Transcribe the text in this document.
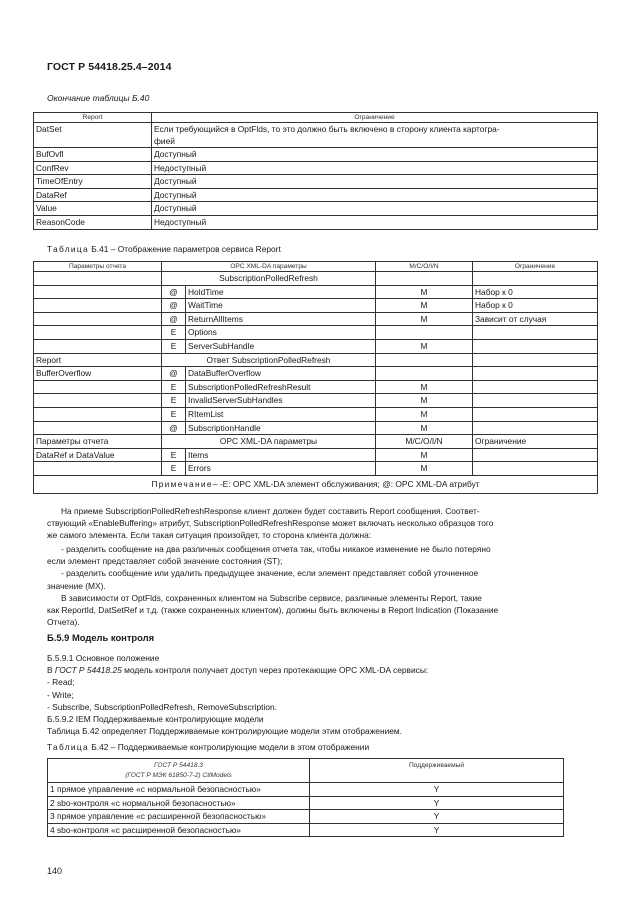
ГОСТ Р 54418.25.4–2014
Окончание таблицы Б.40
Report	Ограничение
DatSet	Если требующийся в OptFlds, то это должно быть включено в сторону клиента картогра-
фией
BufOvfl	Доступный
ConfRev	Недоступный
TimeOfEntry	Доступный
DataRef	Доступный
Value	Доступный
ReasonCode	Недоступный
Таблица Б.41 – Отображение параметров сервиса Report
Параметры отчета	OPC XML-DA параметры		M/C/O/I/N	Ограничение
	SubscriptionPolledRefresh			
	@	HoldTime	M	Набор к 0
	@	WaitTime	M	Набор к 0
	@	ReturnAllItems	M	Зависит от случая
	E	Options		
	E	ServerSubHandle	M	
Report	Ответ SubscriptionPolledRefresh			
BufferOverflow	@	DataBufferOverflow		
	E	SubscriptionPolledRefreshResult	M	
	E	InvalidServerSubHandles	M	
	E	RItemList	M	
	@	SubscriptionHandle	M	
Параметры отчета	OPC XML-DA параметры		M/C/O/I/N	Ограничение
DataRef и DataValue	E	Items	M	
	E	Errors	M	
Примечание– -E: OPC XML-DA элемент обслуживания; @: OPC XML-DA атрибут				
На приеме SubscriptionPolledRefreshResponse клиент должен будет составить Report сообщения. Соответ-
ствующий «EnableBuffering» атрибут, SubscriptionPolledRefreshResponse может включать несколько образцов того
же самого элемента. Если такая ситуация произойдет, то сторона клиента должна:
- разделить сообщение на два различных сообщения отчета так, чтобы никакое изменение не было потеряно
если элемент представляет собой значение состояния (ST);
- разделить сообщение или удалить предыдущее значение, если элемент представляет собой уточненное
значение (MX).
В зависимости от OptFlds, сохраненных клиентом на Subscribe сервисе, различные элементы Report, такие
как ReportId, DatSetRef и т.д. (также сохраненных клиентом), должны быть включены в Report Indication (Показание
Отчета).
Б.5.9 Модель контроля
Б.5.9.1 Основное положение
В ГОСТ Р 54418.25 модель контроля получает доступ через протекающие OPC XML-DA сервисы:
- Read;
- Write;
- Subscribe, SubscriptionPolledRefresh, RemoveSubscription.
Б.5.9.2 IEM Поддерживаемые контролирующие модели
Таблица Б.42 определяет Поддерживаемые контролирующие модели этим отображением.
Таблица Б.42 – Поддерживаемые контролирующие модели в этом отображении
ГОСТ Р 54418.3
(ГОСТ Р МЭК 61850-7-2) CtlModels	Поддерживаемый
1 прямое управление «с нормальной безопасностью»	Y
2 sbo-контроля «с нормальной безопасностью»	Y
3 прямое управление «с расширенной безопасностью»	Y
4 sbo-контроля «с расширенной безопасностью»	Y
140
